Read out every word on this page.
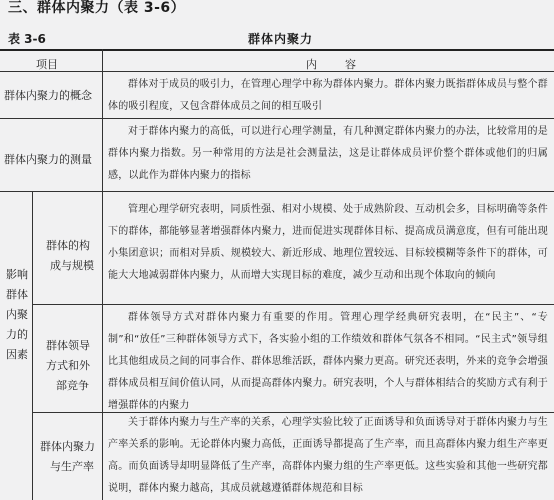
三、群体内聚力（表 3-6）
表 3-6	群体内聚力
项目	内　　容
群体内聚力的概念
群体对于成员的吸引力，在管理心理学中称为群体内聚力。群体内聚力既指群体成员与整个群体的吸引程度，又包含群体成员之间的相互吸引
群体内聚力的测量
对于群体内聚力的高低，可以进行心理学测量，有几种测定群体内聚力的办法，比较常用的是群体内聚力指数。另一种常用的方法是社会测量法，这是让群体成员评价整个群体或他们的归属感，以此作为群体内聚力的指标
影响
群体
内聚
力的
因素
群体的构
成与规模
管理心理学研究表明，同质性强、相对小规模、处于成熟阶段、互动机会多，目标明确等条件下的群体，都能够显著增强群体内聚力，进而促进实现群体目标、提高成员满意度，但有可能出现小集团意识；而相对异质、规模较大、新近形成、地理位置较远、目标较模糊等条件下的群体，可能大大地减弱群体内聚力，从而增大实现目标的难度，减少互动和出现个体取向的倾向
群体领导
方式和外
部竞争
群体领导方式对群体内聚力有重要的作用。管理心理学经典研究表明，在“民主”、“专制”和“放任”三种群体领导方式下，各实验小组的工作绩效和群体气氛各不相同。“民主式”领导组比其他组成员之间的同事合作、群体思维活跃，群体内聚力更高。研究还表明，外来的竞争会增强群体成员相互间价值认同，从而提高群体内聚力。研究表明，个人与群体相结合的奖励方式有利于增强群体的内聚力
群体内聚力
与生产率
关于群体内聚力与生产率的关系，心理学实验比较了正面诱导和负面诱导对于群体内聚力与生产率关系的影响。无论群体内聚力高低，正面诱导都提高了生产率，而且高群体内聚力组生产率更高。而负面诱导却明显降低了生产率，高群体内聚力组的生产率更低。这些实验和其他一些研究都说明，群体内聚力越高，其成员就越遵循群体规范和目标
